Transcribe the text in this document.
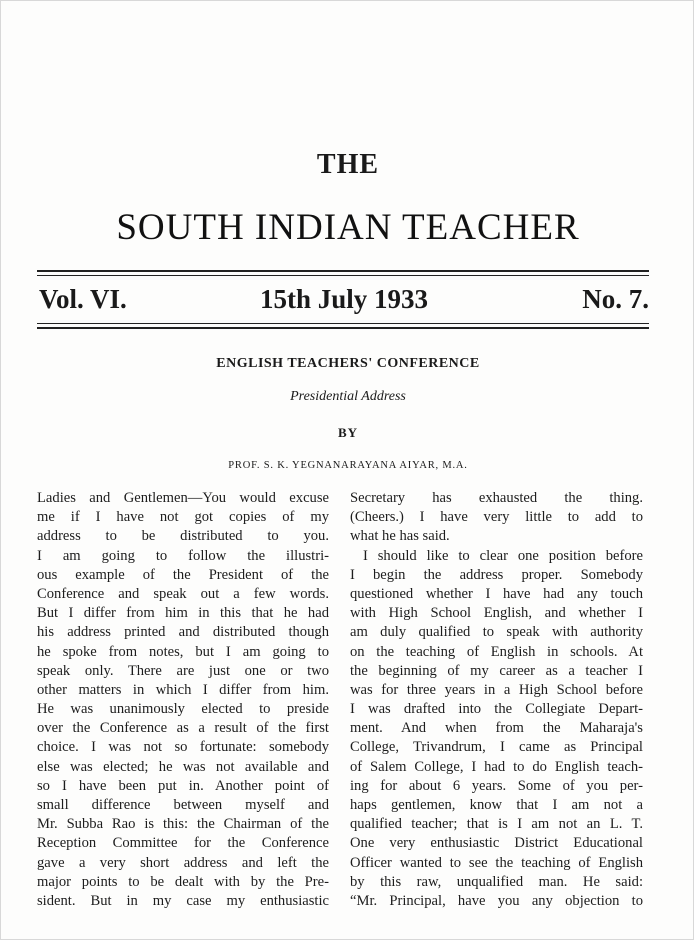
THE
SOUTH INDIAN TEACHER
Vol. VI.	15th July 1933	No. 7.
ENGLISH TEACHERS' CONFERENCE
Presidential Address
BY
PROF. S. K. YEGNANARAYANA AIYAR, M.A.
Ladies and Gentlemen—You would excuse
me if I have not got copies of my
address to be distributed to you.
I am going to follow the illustri-
ous example of the President of the
Conference and speak out a few words.
But I differ from him in this that he had
his address printed and distributed though
he spoke from notes, but I am going to
speak only. There are just one or two
other matters in which I differ from him.
He was unanimously elected to preside
over the Conference as a result of the first
choice. I was not so fortunate: somebody
else was elected; he was not available and
so I have been put in. Another point of
small difference between myself and
Mr. Subba Rao is this: the Chairman of the
Reception Committee for the Conference
gave a very short address and left the
major points to be dealt with by the Pre-
sident. But in my case my enthusiastic
Secretary has exhausted the thing.
(Cheers.) I have very little to add to
what he has said.
I should like to clear one position before
I begin the address proper. Somebody
questioned whether I have had any touch
with High School English, and whether I
am duly qualified to speak with authority
on the teaching of English in schools. At
the beginning of my career as a teacher I
was for three years in a High School before
I was drafted into the Collegiate Depart-
ment. And when from the Maharaja's
College, Trivandrum, I came as Principal
of Salem College, I had to do English teach-
ing for about 6 years. Some of you per-
haps gentlemen, know that I am not a
qualified teacher; that is I am not an L. T.
One very enthusiastic District Educational
Officer wanted to see the teaching of English
by this raw, unqualified man. He said:
“Mr. Principal, have you any objection to
